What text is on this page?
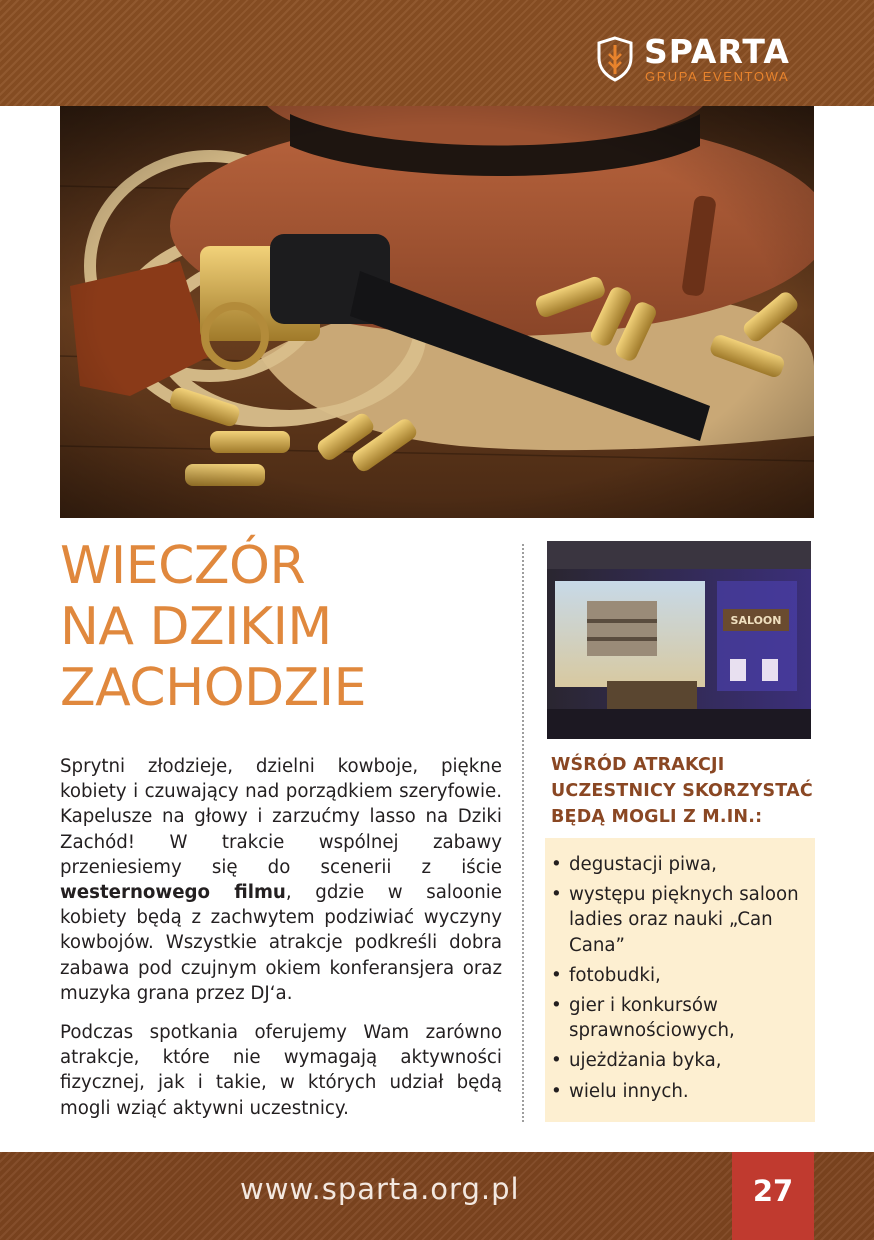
SPARTA
GRUPA EVENTOWA
WIECZÓR
NA DZIKIM
ZACHODZIE

Sprytni złodzieje, dzielni kowboje, piękne kobiety i czuwający nad porządkiem szeryfowie. Kapelusze na głowy i zarzućmy lasso na Dziki Zachód! W trakcie wspólnej zabawy przeniesiemy się do scenerii z iście westernowego filmu, gdzie w saloonie kobiety będą z zachwytem podziwiać wyczyny kowbojów. Wszystkie atrakcje podkreśli dobra zabawa pod czujnym okiem konferansjera oraz muzyka grana przez DJ‘a.

Podczas spotkania oferujemy Wam zarówno atrakcje, które nie wymagają aktywności fizycznej, jak i takie, w których udział będą mogli wziąć aktywni uczestnicy.

SALOON
WŚRÓD ATRAKCJI
UCZESTNICY SKORZYSTAĆ
BĘDĄ MOGLI Z M.IN.:
• degustacji piwa,
• występu pięknych saloon ladies oraz nauki „Can Cana”
• fotobudki,
• gier i konkursów sprawnościowych,
• ujeżdżania byka,
• wielu innych.
www.sparta.org.pl	27
